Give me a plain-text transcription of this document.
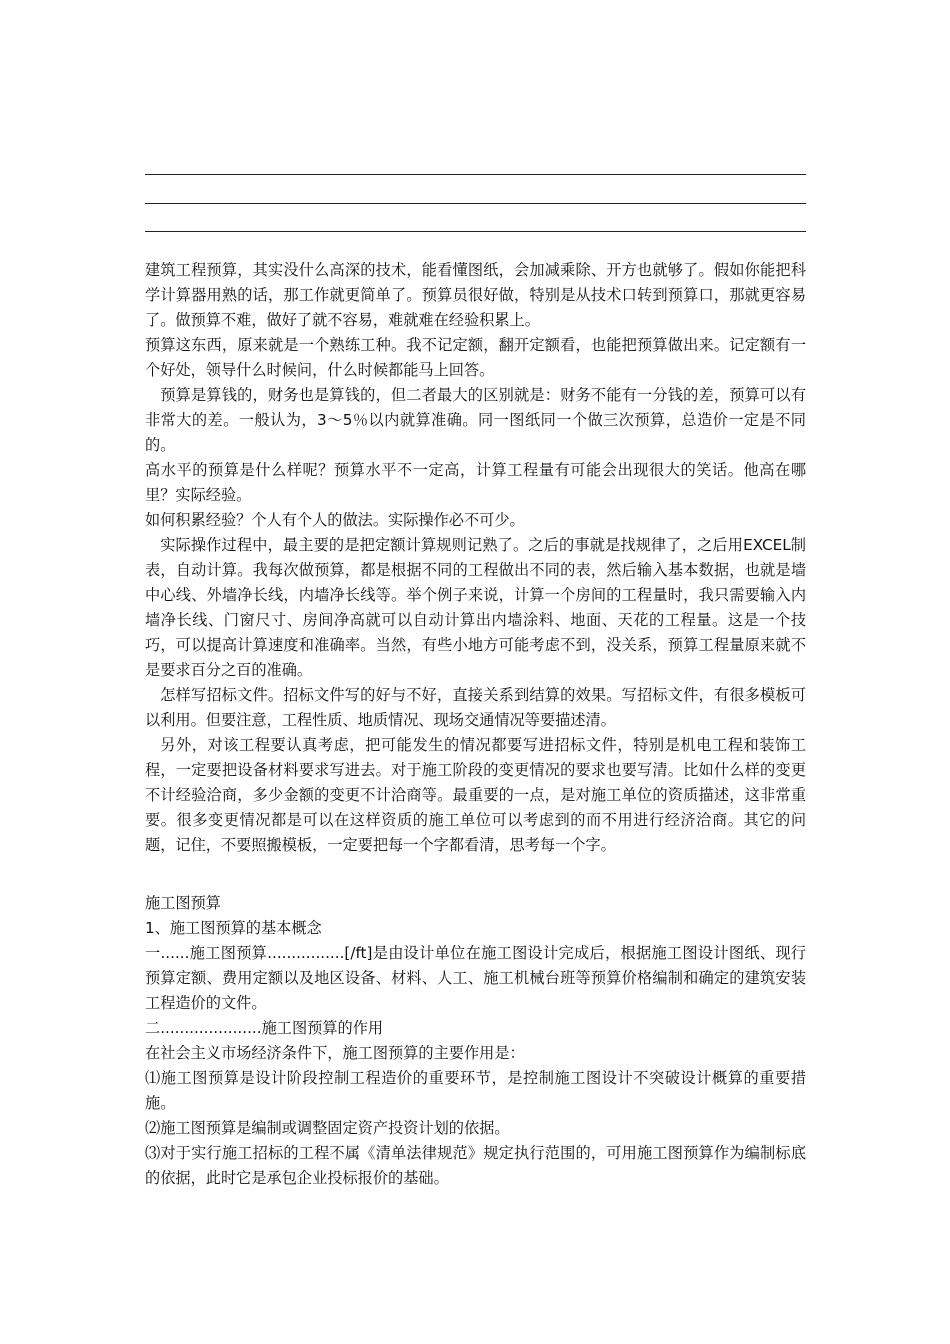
建筑工程预算，其实没什么高深的技术，能看懂图纸，会加减乘除、开方也就够了。假如你能把科学计算器用熟的话，那工作就更简单了。预算员很好做，特别是从技术口转到预算口，那就更容易了。做预算不难，做好了就不容易，难就难在经验积累上。

预算这东西，原来就是一个熟练工种。我不记定额，翻开定额看，也能把预算做出来。记定额有一个好处，领导什么时候问，什么时候都能马上回答。

预算是算钱的，财务也是算钱的，但二者最大的区别就是：财务不能有一分钱的差，预算可以有非常大的差。一般认为，3～5％以内就算准确。同一图纸同一个做三次预算，总造价一定是不同的。

高水平的预算是什么样呢？预算水平不一定高，计算工程量有可能会出现很大的笑话。他高在哪里？实际经验。

如何积累经验？个人有个人的做法。实际操作必不可少。

实际操作过程中，最主要的是把定额计算规则记熟了。之后的事就是找规律了，之后用EXCEL制表，自动计算。我每次做预算，都是根据不同的工程做出不同的表，然后输入基本数据，也就是墙中心线、外墙净长线，内墙净长线等。举个例子来说，计算一个房间的工程量时，我只需要输入内墙净长线、门窗尺寸、房间净高就可以自动计算出内墙涂料、地面、天花的工程量。这是一个技巧，可以提高计算速度和准确率。当然，有些小地方可能考虑不到，没关系，预算工程量原来就不是要求百分之百的准确。

怎样写招标文件。招标文件写的好与不好，直接关系到结算的效果。写招标文件，有很多模板可以利用。但要注意，工程性质、地质情况、现场交通情况等要描述清。

另外，对该工程要认真考虑，把可能发生的情况都要写进招标文件，特别是机电工程和装饰工程，一定要把设备材料要求写进去。对于施工阶段的变更情况的要求也要写清。比如什么样的变更不计经验洽商，多少金额的变更不计洽商等。最重要的一点，是对施工单位的资质描述，这非常重要。很多变更情况都是可以在这样资质的施工单位可以考虑到的而不用进行经济洽商。其它的问题，记住，不要照搬模板，一定要把每一个字都看清，思考每一个字。

施工图预算

1、施工图预算的基本概念

一......施工图预算................[/ft]是由设计单位在施工图设计完成后，根据施工图设计图纸、现行预算定额、费用定额以及地区设备、材料、人工、施工机械台班等预算价格编制和确定的建筑安装工程造价的文件。

二.....................施工图预算的作用

在社会主义市场经济条件下，施工图预算的主要作用是：

⑴施工图预算是设计阶段控制工程造价的重要环节，是控制施工图设计不突破设计概算的重要措施。

⑵施工图预算是编制或调整固定资产投资计划的依据。

⑶对于实行施工招标的工程不属《清单法律规范》规定执行范围的，可用施工图预算作为编制标底的依据，此时它是承包企业投标报价的基础。
